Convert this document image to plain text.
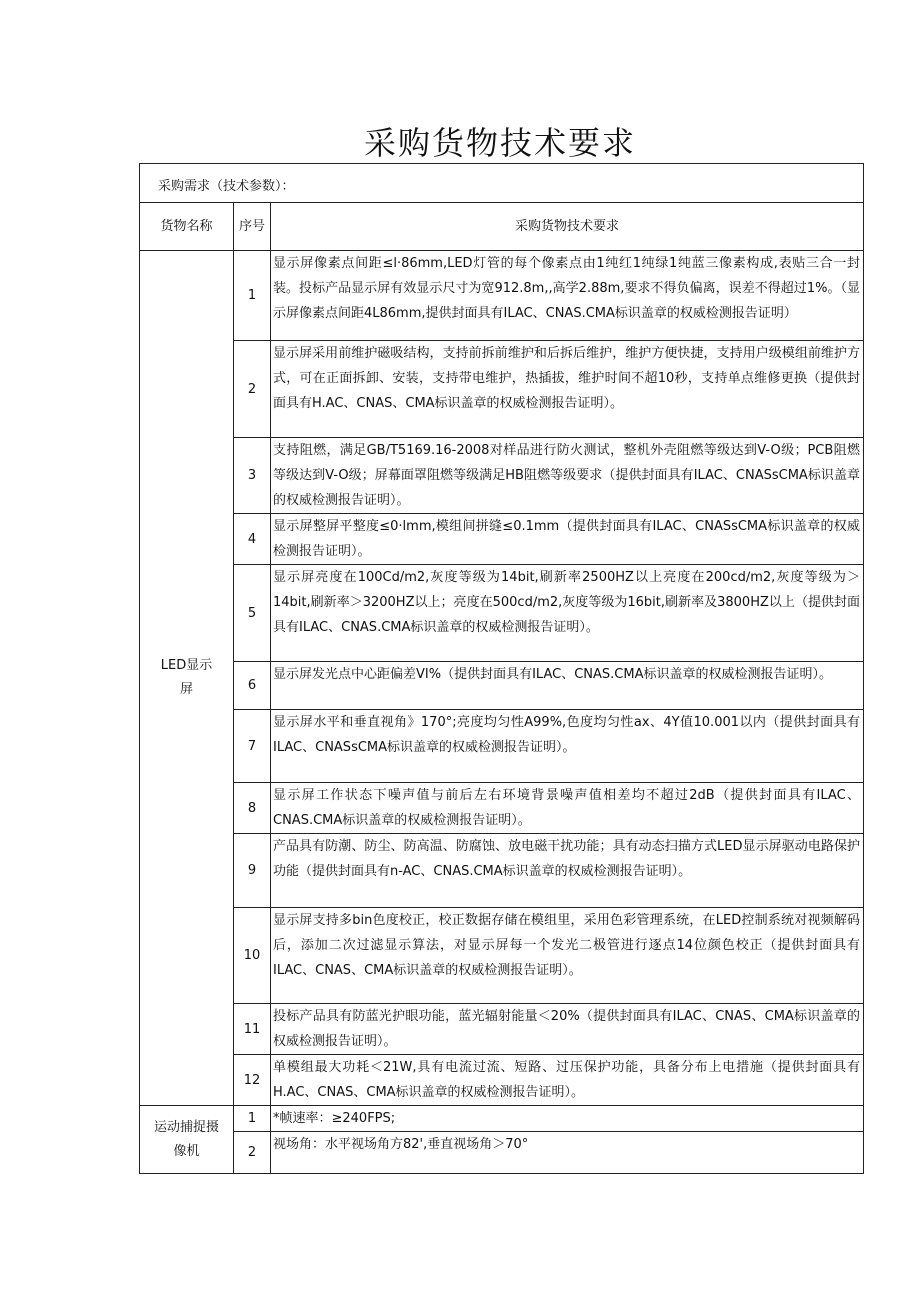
采购货物技术要求
采购需求（技术参数）：		
货物名称	序号	采购货物技术要求
LED显示
屏	1	显示屏像素点间距≤l·86mm,LED灯管的每个像素点由1纯红1纯绿1纯蓝三像素构成,表贴三合一封装。投标产品显示屏有效显示尺寸为宽912.8m,,高学2.88m,要求不得负偏离，误差不得超过1%。（显示屏像素点间距4L86mm,提供封面具有ILAC、CNAS.CMA标识盖章的权威检测报告证明）
	2	显示屏采用前维护磁吸结构，支持前拆前维护和后拆后维护，维护方便快捷，支持用户级模组前维护方式，可在正面拆卸、安装，支持带电维护，热插拔，维护时间不超10秒，支持单点维修更换（提供封面具有H.AC、CNAS、CMA标识盖章的权威检测报告证明）。
	3	支持阻燃，满足GB/T5169.16-2008对样品进行防火测试，整机外壳阻燃等级达到V-O级；PCB阻燃等级达到V-O级；屏幕面罩阻燃等级满足HB阻燃等级要求（提供封面具有ILAC、CNASsCMA标识盖章的权威检测报告证明）。
	4	显示屏整屏平整度≤0·lmm,模组间拼缝≤0.1mm（提供封面具有ILAC、CNASsCMA标识盖章的权威检测报告证明）。
	5	显示屏亮度在100Cd/m2,灰度等级为14bit,刷新率2500HZ以上亮度在200cd∕m2,灰度等级为＞14bit,刷新率＞3200HZ以上；亮度在500cd∕m2,灰度等级为16bit,刷新率及3800HZ以上（提供封面具有ILAC、CNAS.CMA标识盖章的权威检测报告证明）。
	6	显示屏发光点中心距偏差VI%（提供封面具有ILAC、CNAS.CMA标识盖章的权威检测报告证明）。
	7	显示屏水平和垂直视角》170°;亮度均匀性A99%,色度均匀性ax、4Y值10.001以内（提供封面具有ILAC、CNASsCMA标识盖章的权威检测报告证明）。
	8	显示屏工作状态下噪声值与前后左右环境背景噪声值相差均不超过2dB（提供封面具有ILAC、CNAS.CMA标识盖章的权威检测报告证明）。
	9	产品具有防潮、防尘、防高温、防腐蚀、放电磁干扰功能；具有动态扫描方式LED显示屏驱动电路保护功能（提供封面具有n-AC、CNAS.CMA标识盖章的权威检测报告证明）。
	10	显示屏支持多bin色度校正，校正数据存储在模组里，采用色彩管理系统，在LED控制系统对视频解码后，添加二次过滤显示算法，对显示屏每一个发光二极管进行逐点14位颜色校正（提供封面具有ILAC、CNAS、CMA标识盖章的权威检测报告证明）。
	11	投标产品具有防蓝光护眼功能，蓝光辐射能量＜20%（提供封面具有ILAC、CNAS、CMA标识盖章的权威检测报告证明）。
	12	单模组最大功耗＜21W,具有电流过流、短路、过压保护功能，具备分布上电措施（提供封面具有H.AC、CNAS、CMA标识盖章的权威检测报告证明）。
运动捕捉摄
像机	1	*帧速率：≥240FPS;
	2	视场角：水平视场角方82',垂直视场角＞70°
